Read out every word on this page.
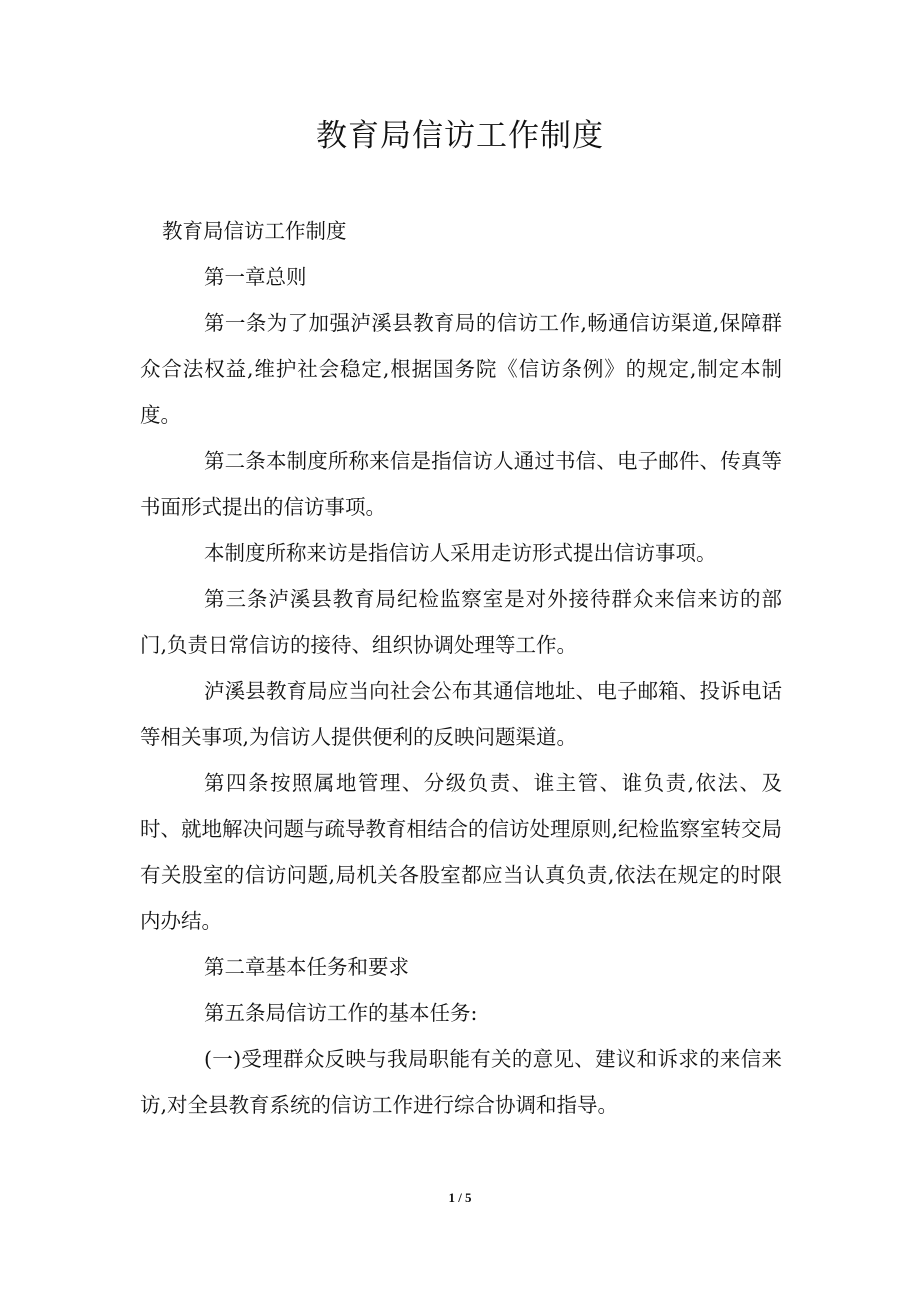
教育局信访工作制度

教育局信访工作制度

第一章总则

第一条为了加强泸溪县教育局的信访工作,畅通信访渠道,保障群众合法权益,维护社会稳定,根据国务院《信访条例》的规定,制定本制度。

第二条本制度所称来信是指信访人通过书信、电子邮件、传真等书面形式提出的信访事项。

本制度所称来访是指信访人采用走访形式提出信访事项。

第三条泸溪县教育局纪检监察室是对外接待群众来信来访的部门,负责日常信访的接待、组织协调处理等工作。

泸溪县教育局应当向社会公布其通信地址、电子邮箱、投诉电话等相关事项,为信访人提供便利的反映问题渠道。

第四条按照属地管理、分级负责、谁主管、谁负责,依法、及时、就地解决问题与疏导教育相结合的信访处理原则,纪检监察室转交局有关股室的信访问题,局机关各股室都应当认真负责,依法在规定的时限内办结。

第二章基本任务和要求

第五条局信访工作的基本任务:

(一)受理群众反映与我局职能有关的意见、建议和诉求的来信来访,对全县教育系统的信访工作进行综合协调和指导。

1 / 5
